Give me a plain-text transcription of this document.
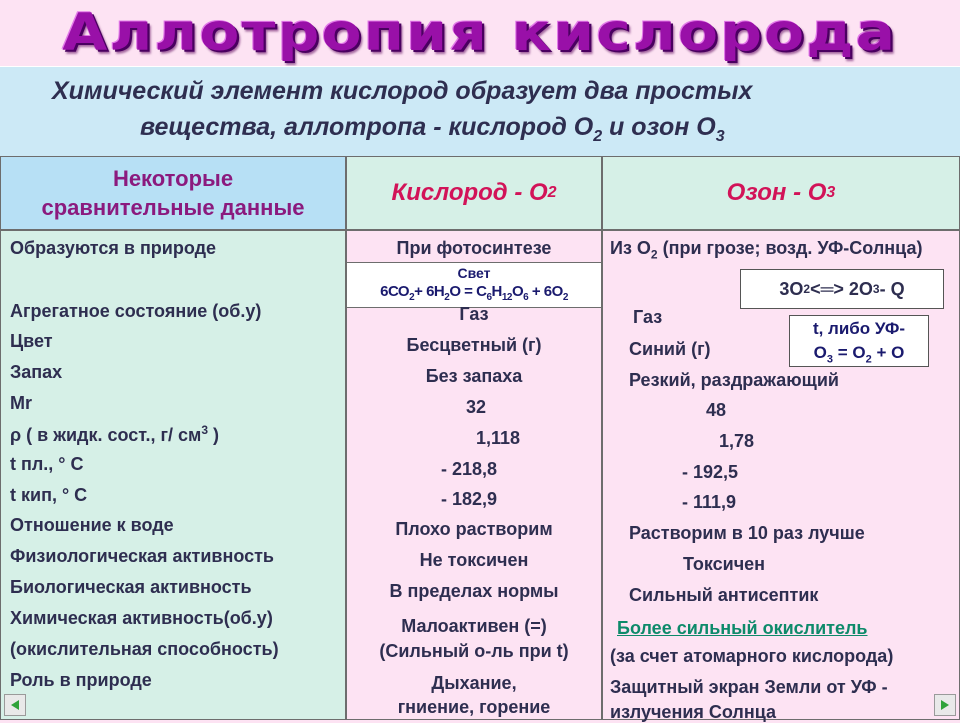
Аллотропия кислорода
Химический элемент кислород образует два простых
вещества, аллотропа - кислород $О_2$ и озон $О_3$
Некоторые
сравнительные данные
Кислород - О 2	Озон - О 3
Образуются в природе
Агрегатное состояние (об.у)
Цвет
Запах
Mr
ρ ( в жидк. сост., г/ $см^3$ )
t пл., ° С
t кип, ° С
Отношение к воде
Физиологическая активность
Биологическая активность
Химическая активность(об.у)
(окислительная способность)
Роль в природе
При фотосинтезе
Свет
$6СО_2+ 6Н_2О = С_6Н_{12}О_6 + 6О_2$
Газ
Бесцветный (г)
Без запаха
32
1,118
- 218,8
- 182,9
Плохо растворим
Не токсичен
В пределах нормы
Малоактивен (=)
(Сильный о-ль при t)
Дыхание,
гниение, горение
Из $О_2$ (при грозе; возд. УФ-Солнца)
3О 2 <═> 2О 3 - Q
t, либо УФ-
$О_3 = О_2 + О$
Газ
Синий (г)
Резкий, раздражающий
48
1,78
- 192,5
- 111,9
Растворим в 10 раз лучше
Токсичен
Сильный антисептик
Более сильный окислитель
(за счет атомарного кислорода)
Защитный экран Земли от УФ -
излучения Солнца
